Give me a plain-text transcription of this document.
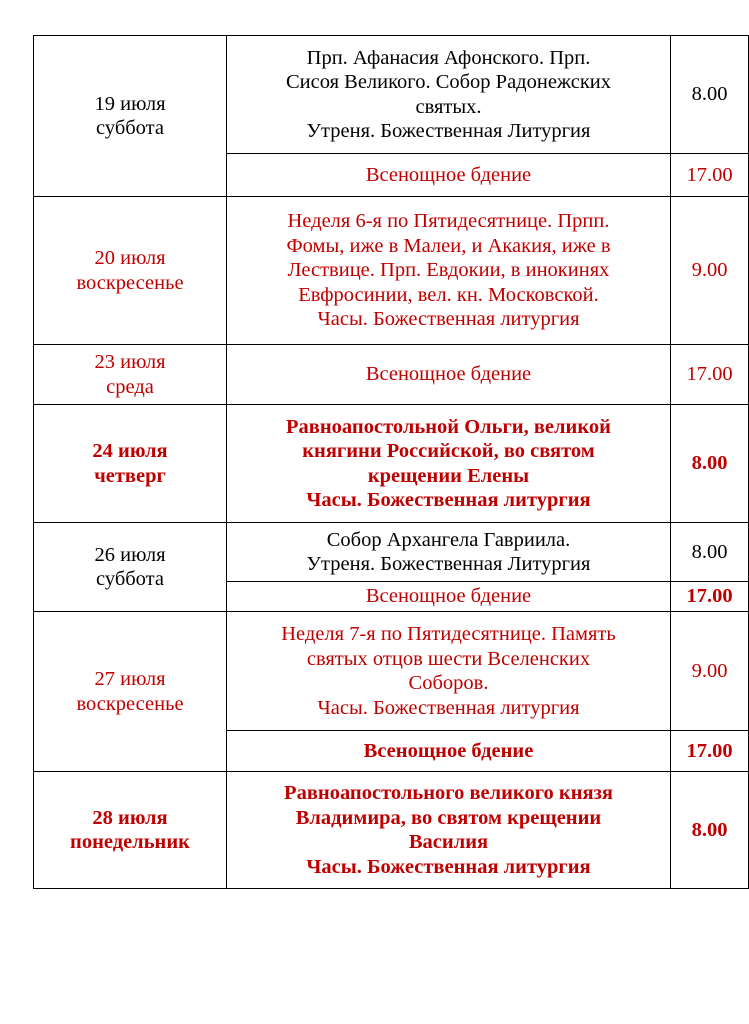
19 июля
суббота	Прп. Афанасия Афонского. Прп.
Сисоя Великого. Собор Радонежских
святых.
Утреня. Божественная Литургия	8.00

	Всенощное бдение	17.00

20 июля
воскресенье	Неделя 6-я по Пятидесятнице. Прпп.
Фомы, иже в Малеи, и Акакия, иже в
Лествице. Прп. Евдокии, в инокинях
Евфросинии, вел. кн. Московской.
Часы. Божественная литургия	9.00

23 июля
среда	Всенощное бдение	17.00

24 июля
четверг	Равноапостольной Ольги, великой
княгини Российской, во святом
крещении Елены
Часы. Божественная литургия	8.00

26 июля
суббота	Собор Архангела Гавриила.
Утреня. Божественная Литургия	8.00

	Всенощное бдение	17.00

27 июля
воскресенье	Неделя 7-я по Пятидесятнице. Память
святых отцов шести Вселенских
Соборов.
Часы. Божественная литургия	9.00

	Всенощное бдение	17.00

28 июля
понедельник	Равноапостольного великого князя
Владимира, во святом крещении
Василия
Часы. Божественная литургия	8.00
